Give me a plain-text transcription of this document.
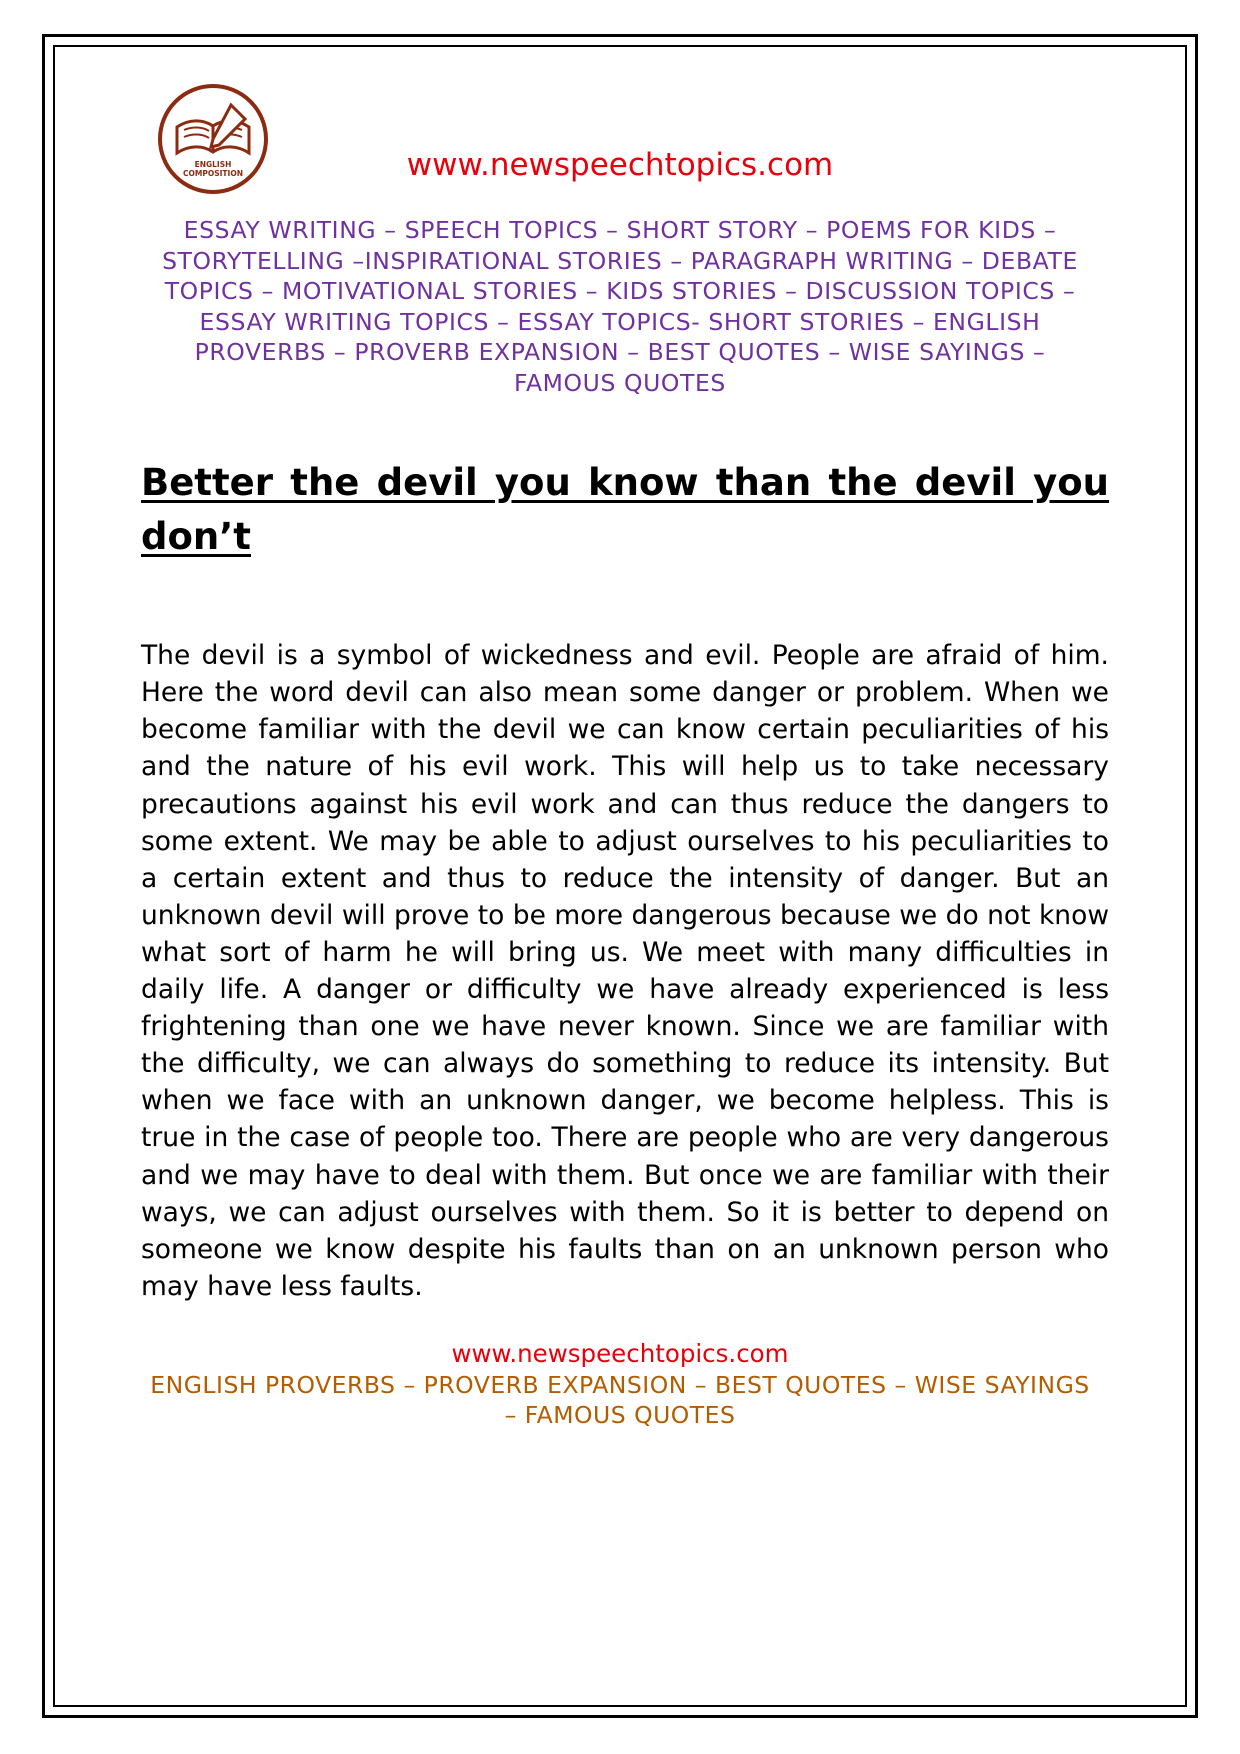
ENGLISH
COMPOSITION	www.newspeechtopics.com
ESSAY WRITING – SPEECH TOPICS – SHORT STORY – POEMS FOR KIDS – STORYTELLING –INSPIRATIONAL STORIES – PARAGRAPH WRITING – DEBATE TOPICS – MOTIVATIONAL STORIES – KIDS STORIES – DISCUSSION TOPICS – ESSAY WRITING TOPICS – ESSAY TOPICS- SHORT STORIES – ENGLISH PROVERBS – PROVERB EXPANSION – BEST QUOTES – WISE SAYINGS – FAMOUS QUOTES
Better the devil you know than the devil you don’t

The devil is a symbol of wickedness and evil. People are afraid of him. Here the word devil can also mean some danger or problem. When we become familiar with the devil we can know certain peculiarities of his and the nature of his evil work. This will help us to take necessary precautions against his evil work and can thus reduce the dangers to some extent. We may be able to adjust ourselves to his peculiarities to a certain extent and thus to reduce the intensity of danger. But an unknown devil will prove to be more dangerous because we do not know what sort of harm he will bring us. We meet with many difficulties in daily life. A danger or difficulty we have already experienced is less frightening than one we have never known. Since we are familiar with the difficulty, we can always do something to reduce its intensity. But when we face with an unknown danger, we become helpless. This is true in the case of people too. There are people who are very dangerous and we may have to deal with them. But once we are familiar with their ways, we can adjust ourselves with them. So it is better to depend on someone we know despite his faults than on an unknown person who may have less faults.

www.newspeechtopics.com
ENGLISH PROVERBS – PROVERB EXPANSION – BEST QUOTES – WISE SAYINGS – FAMOUS QUOTES
